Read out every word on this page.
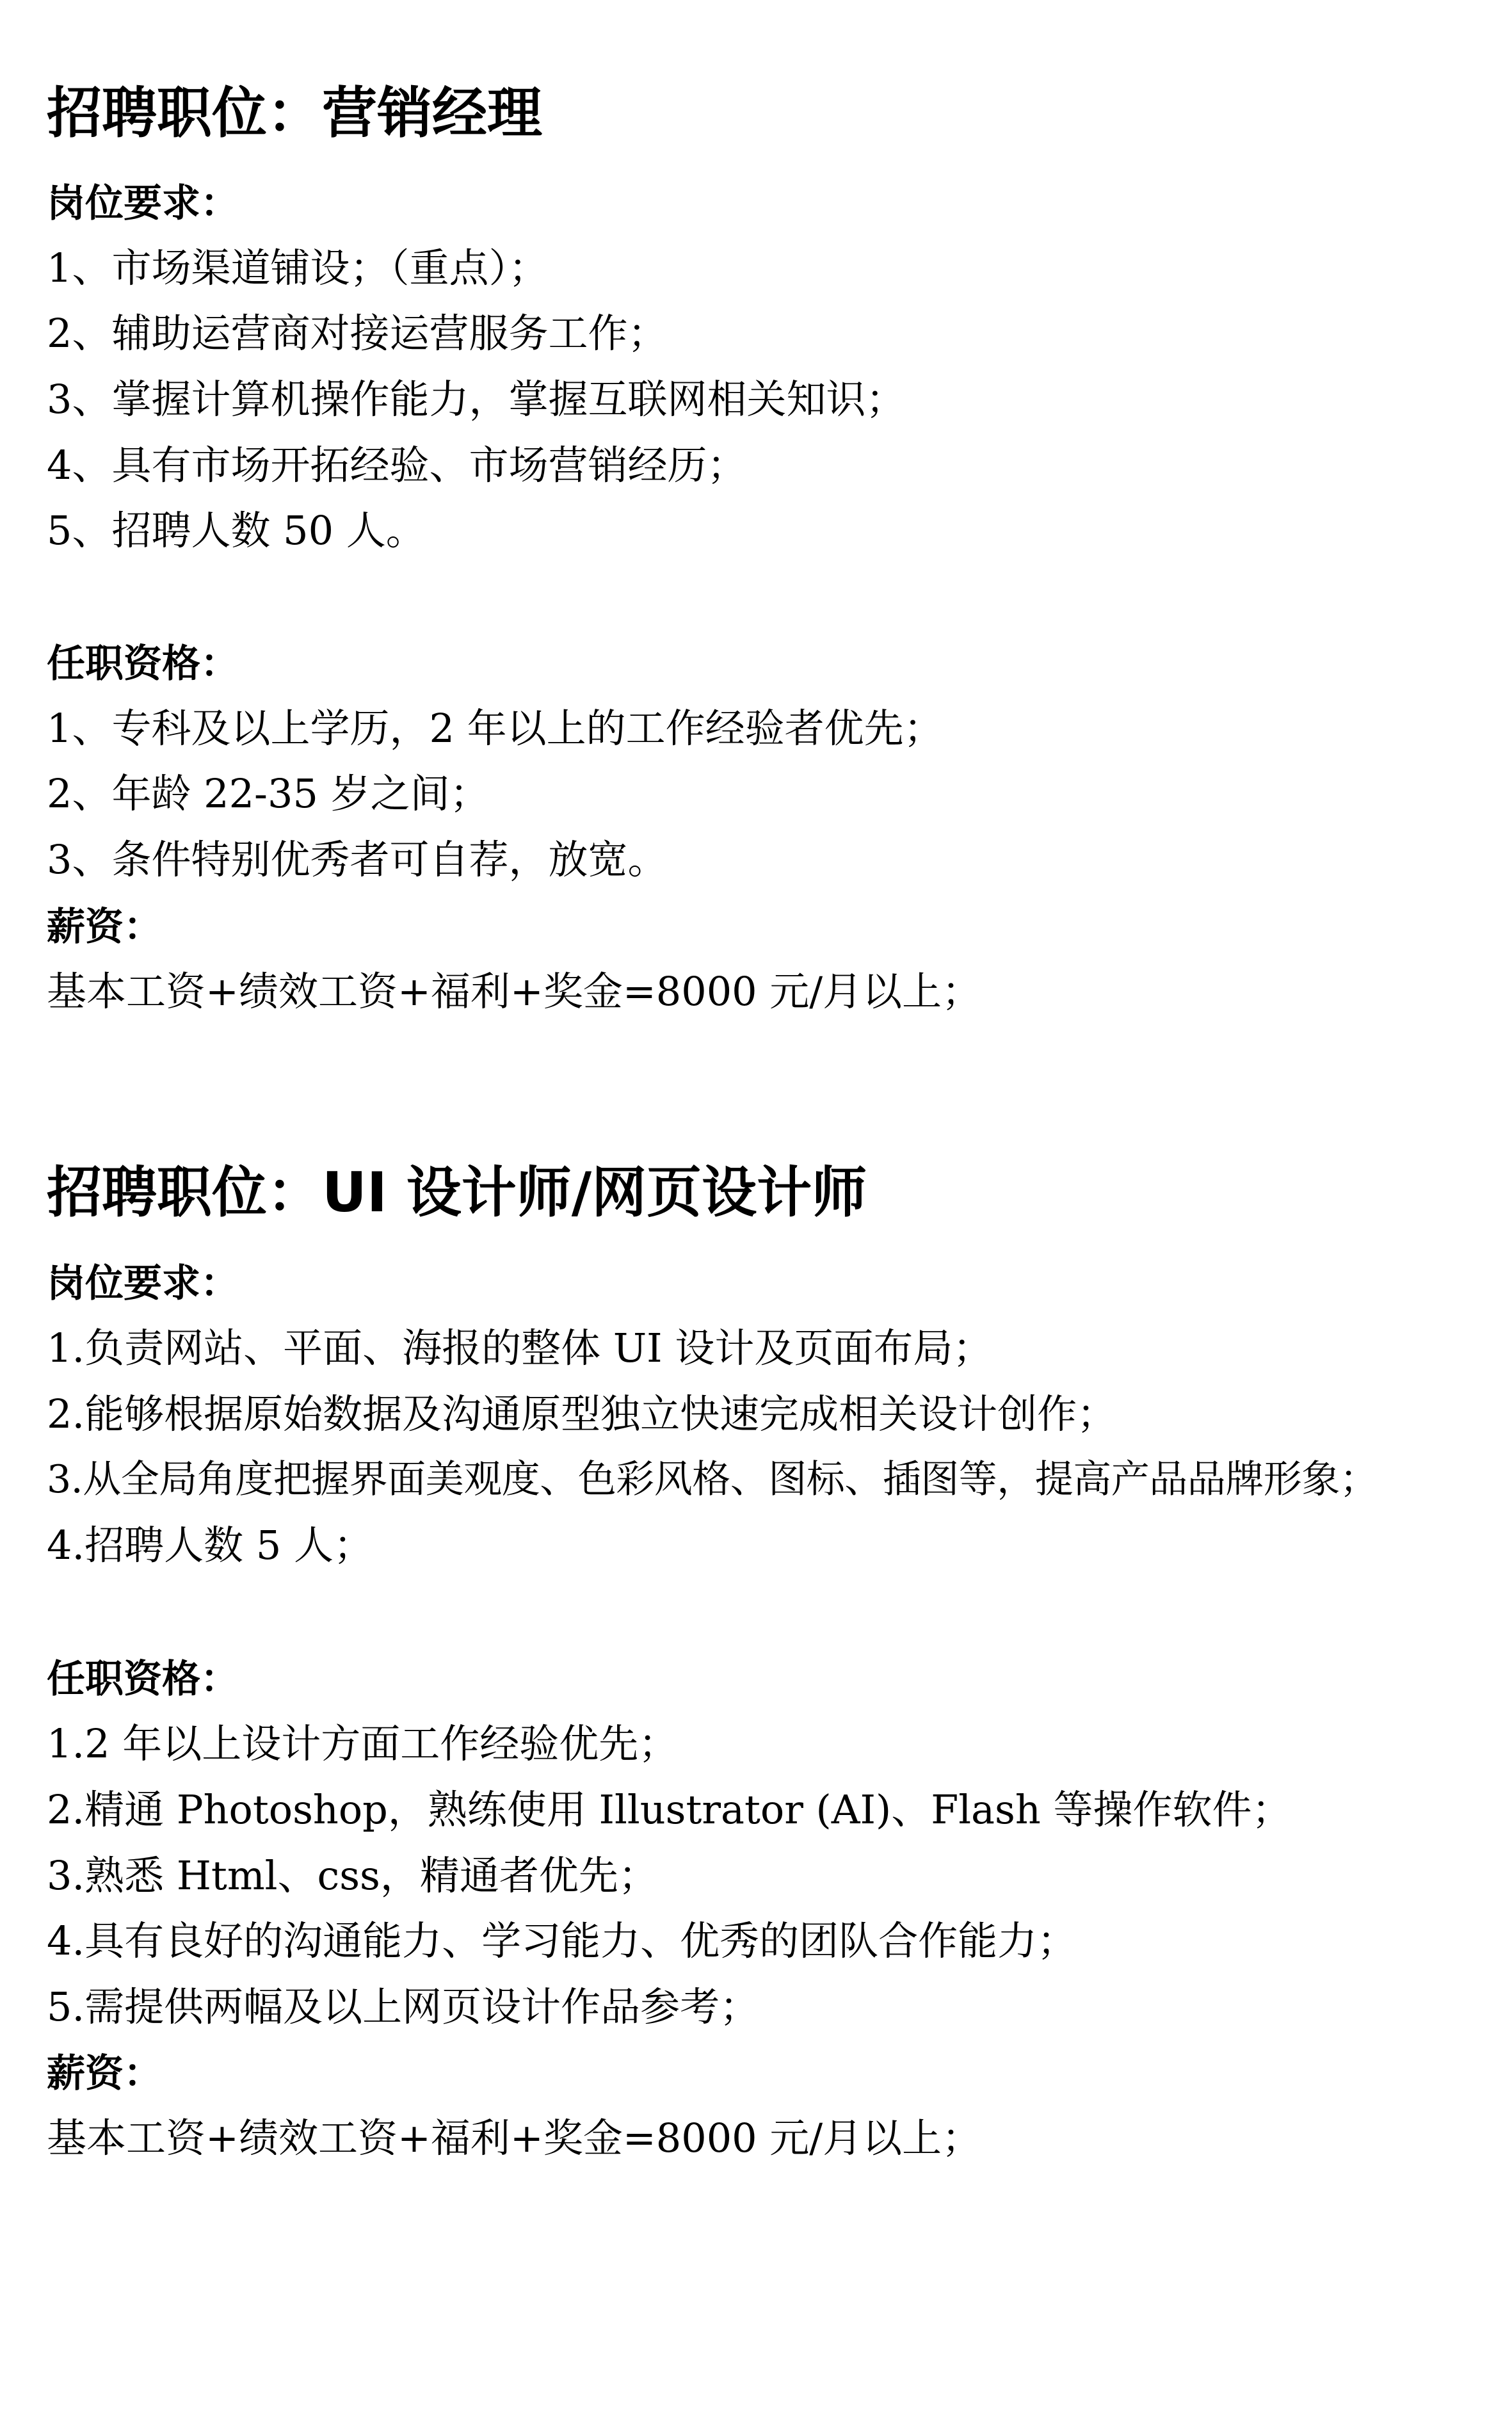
招聘职位：营销经理
岗位要求：
1、市场渠道铺设；（重点）；
2、辅助运营商对接运营服务工作；
3、掌握计算机操作能力，掌握互联网相关知识；
4、具有市场开拓经验、市场营销经历；
5、招聘人数 50 人。
任职资格：
1、专科及以上学历，2 年以上的工作经验者优先；
2、年龄 22-35 岁之间；
3、条件特别优秀者可自荐，放宽。
薪资：
基本工资+绩效工资+福利+奖金=8000 元/月以上；
招聘职位：UI 设计师/网页设计师
岗位要求：
1.负责网站、平面、海报的整体 UI 设计及页面布局；
2.能够根据原始数据及沟通原型独立快速完成相关设计创作；
3.从全局角度把握界面美观度、色彩风格、图标、插图等，提高产品品牌形象；
4.招聘人数 5 人；
任职资格：
1.2 年以上设计方面工作经验优先；
2.精通 Photoshop，熟练使用 Illustrator (AI)、Flash 等操作软件；
3.熟悉 Html、css，精通者优先；
4.具有良好的沟通能力、学习能力、优秀的团队合作能力；
5.需提供两幅及以上网页设计作品参考；
薪资：
基本工资+绩效工资+福利+奖金=8000 元/月以上；
